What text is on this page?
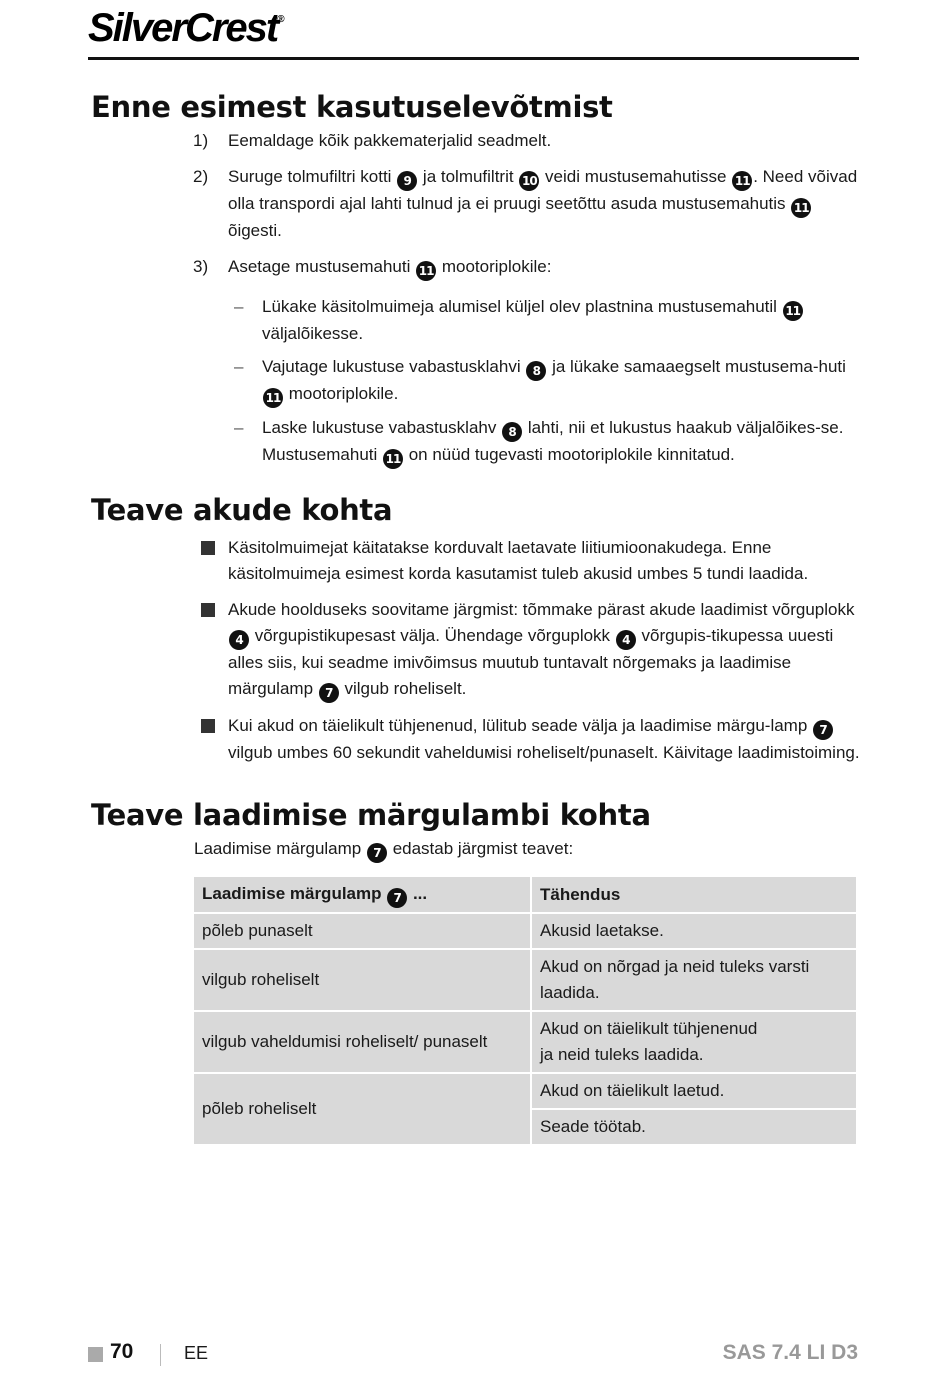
SilverCrest®
Enne esimest kasutuselevõtmist
1) Eemaldage kõik pakkematerjalid seadmelt.
2) Suruge tolmufiltri kotti 9 ja tolmufiltrit 10 veidi mustusemahutisse 11 . Need võivad olla transpordi ajal lahti tulnud ja ei pruugi seetõttu asuda mustusemahutis 11 õigesti.
3) Asetage mustusemahuti 11 mootoriplokile:
– Lükake käsitolmuimeja alumisel küljel olev plastnina mustusemahutil 11 väljalõikesse.
– Vajutage lukustuse vabastusklahvi 8 ja lükake samaaegselt mustusema-huti 11 mootoriplokile.
– Laske lukustuse vabastusklahv 8 lahti, nii et lukustus haakub väljalõikes-se. Mustusemahuti 11 on nüüd tugevasti mootoriplokile kinnitatud.
Teave akude kohta
Käsitolmuimejat käitatakse korduvalt laetavate liitiumioonakudega. Enne käsitolmuimeja esimest korda kasutamist tuleb akusid umbes 5 tundi laadida.
Akude hoolduseks soovitame järgmist: tõmmake pärast akude laadimist võrguplokk 4 võrgupistikupesast välja. Ühendage võrguplokk 4 võrgupis-tikupessa uuesti alles siis, kui seadme imivõimsus muutub tuntavalt nõrgemaks ja laadimise märgulamp 7 vilgub roheliselt.
Kui akud on täielikult tühjenenud, lülitub seade välja ja laadimise märgu-lamp 7 vilgub umbes 60 sekundit vahelduмisi roheliselt/punaselt. Käivitage laadimistoiming.
Teave laadimise märgulambi kohta
Laadimise märgulamp 7 edastab järgmist teavet:
Laadimise märgulamp 7 ...	Tähendus
põleb punaselt	Akusid laetakse.
vilgub roheliselt	Akud on nõrgad ja neid tuleks varsti laadida.
vilgub vaheldumisi roheliselt/ punaselt	Akud on täielikult tühjenenud ja neid tuleks laadida.
põleb roheliselt	Akud on täielikult laetud.
	Seade töötab.
70	EE	SAS 7.4 LI D3
